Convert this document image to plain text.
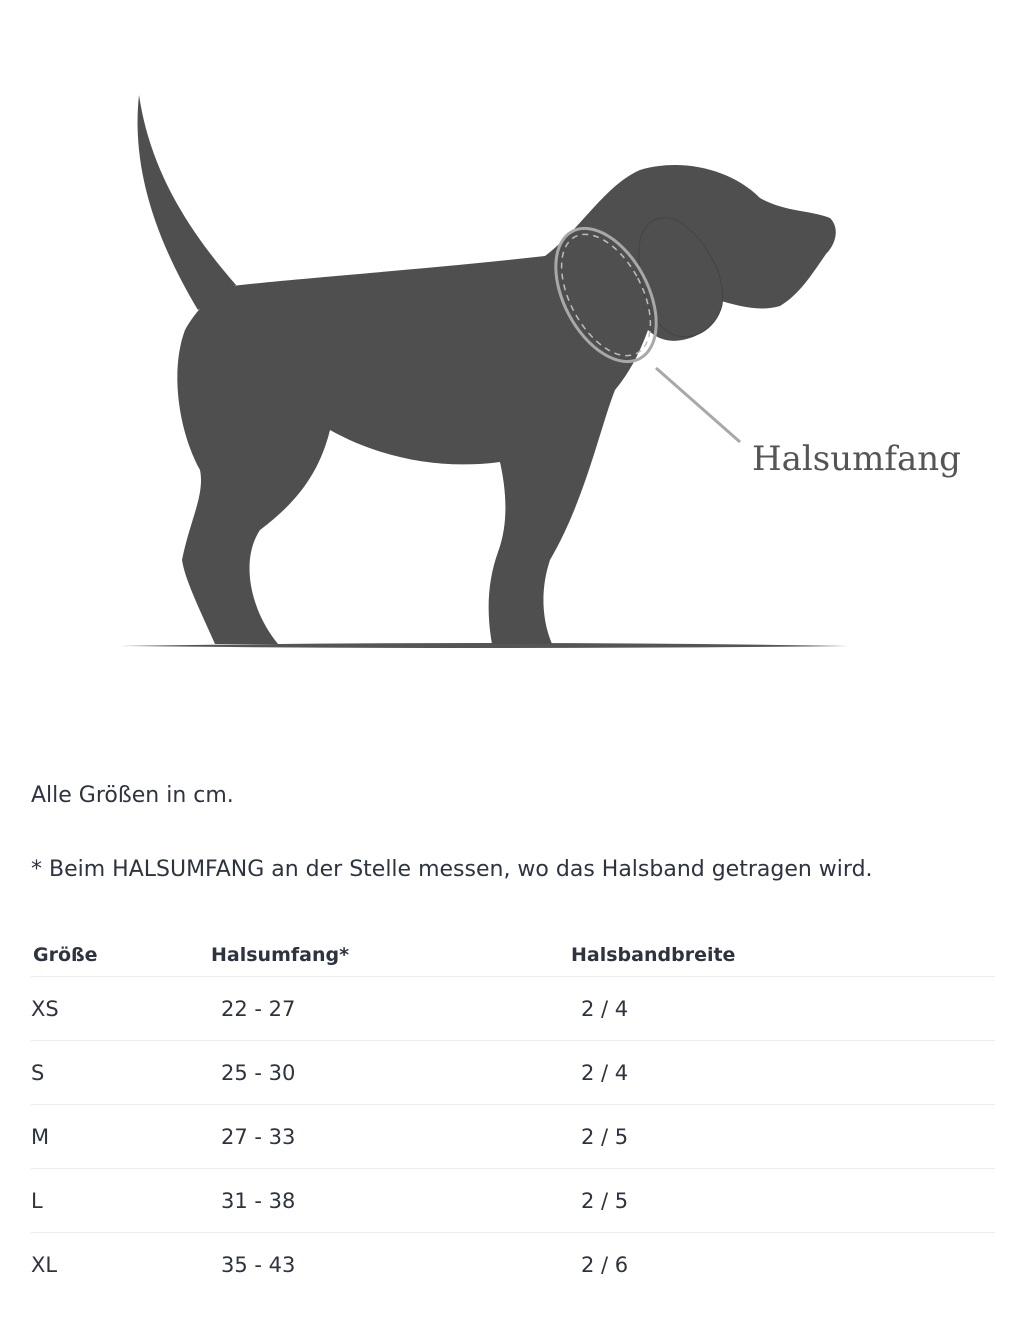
Halsumfang

Alle Größen in cm.

* Beim HALSUMFANG an der Stelle messen, wo das Halsband getragen wird.

Größe	Halsumfang*	Halsbandbreite
XS	22 - 27	2 / 4
S	25 - 30	2 / 4
M	27 - 33	2 / 5
L	31 - 38	2 / 5
XL	35 - 43	2 / 6
